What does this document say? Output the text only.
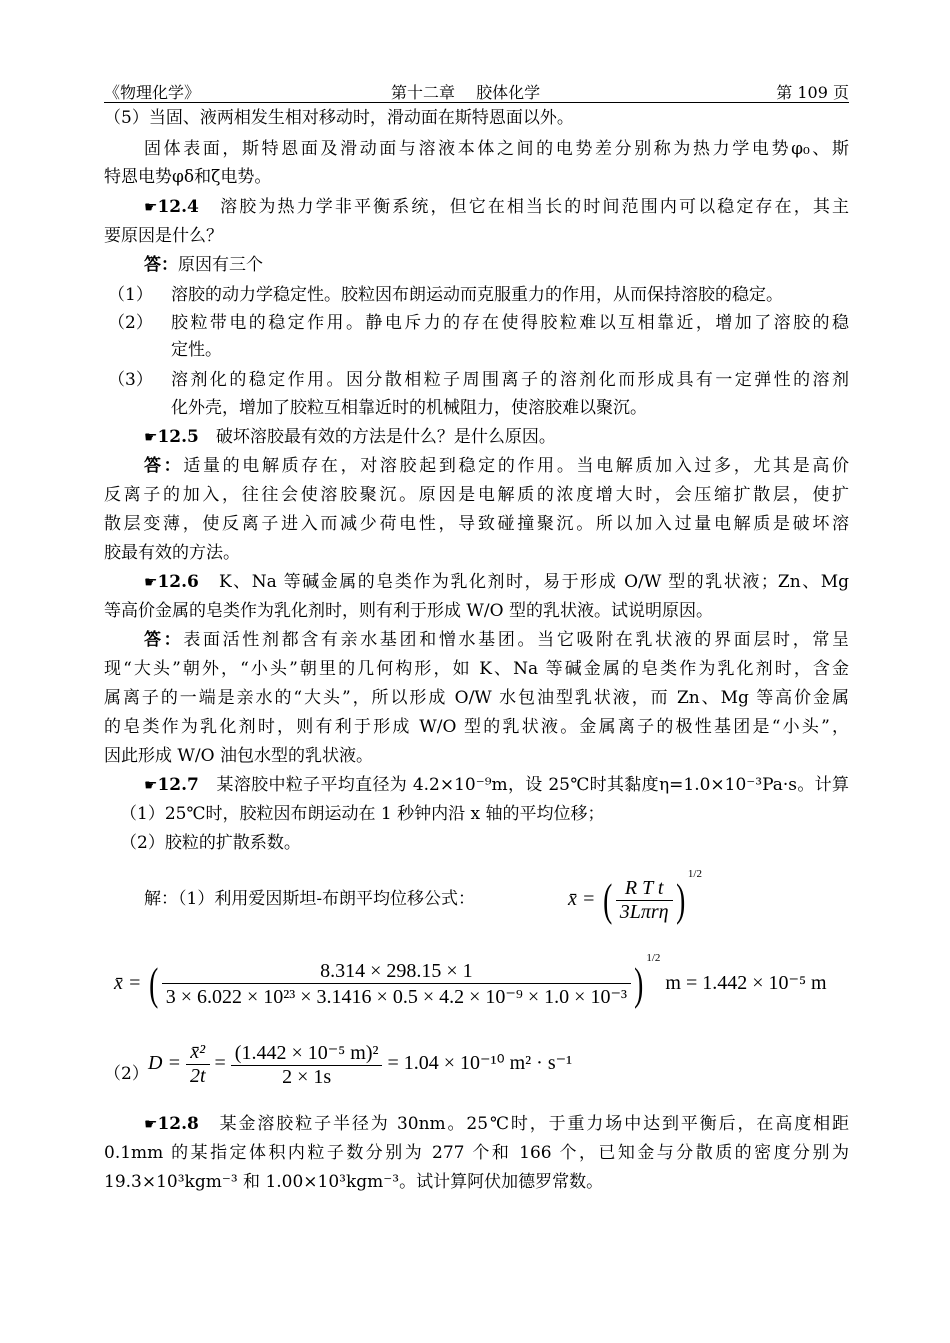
《物理化学》	第十二章　 胶体化学	第 109 页
（5）当固、液两相发生相对移动时，滑动面在斯特恩面以外。
固体表面，斯特恩面及滑动面与溶液本体之间的电势差分别称为热力学电势φ₀、斯
特恩电势φδ和ζ电势。
☛12.4　 溶胶为热力学非平衡系统，但它在相当长的时间范围内可以稳定存在，其主
要原因是什么？
答：原因有三个
（1） 溶胶的动力学稳定性。胶粒因布朗运动而克服重力的作用，从而保持溶胶的稳定。
（2） 胶粒带电的稳定作用。静电斥力的存在使得胶粒难以互相靠近，增加了溶胶的稳
定性。
（3） 溶剂化的稳定作用。因分散相粒子周围离子的溶剂化而形成具有一定弹性的溶剂
化外壳，增加了胶粒互相靠近时的机械阻力，使溶胶难以聚沉。
☛12.5　 破坏溶胶最有效的方法是什么？是什么原因。
答：适量的电解质存在，对溶胶起到稳定的作用。当电解质加入过多，尤其是高价
反离子的加入，往往会使溶胶聚沉。原因是电解质的浓度增大时，会压缩扩散层，使扩
散层变薄，使反离子进入而减少荷电性，导致碰撞聚沉。所以加入过量电解质是破坏溶
胶最有效的方法。
☛12.6　 K、Na 等碱金属的皂类作为乳化剂时，易于形成 O/W 型的乳状液；Zn、Mg
等高价金属的皂类作为乳化剂时，则有利于形成 W/O 型的乳状液。试说明原因。
答：表面活性剂都含有亲水基团和憎水基团。当它吸附在乳状液的界面层时，常呈
现“大头”朝外，“小头”朝里的几何构形，如 K、Na 等碱金属的皂类作为乳化剂时，含金
属离子的一端是亲水的“大头”，所以形成 O/W 水包油型乳状液，而 Zn、Mg 等高价金属
的皂类作为乳化剂时，则有利于形成 W/O 型的乳状液。金属离子的极性基团是“小头”，
因此形成 W/O 油包水型的乳状液。
☛12.7　 某溶胶中粒子平均直径为 4.2×10⁻⁹m，设 25℃时其黏度η=1.0×10⁻³Pa·s。计算
（1）25℃时，胶粒因布朗运动在 1 秒钟内沿 x 轴的平均位移；
（2）胶粒的扩散系数。
解：（1）利用爱因斯坦-布朗平均位移公式：	x̄ = ( $\frac{\text{R T t}}{\text{3Lπrη}} )^{1/2}$
x̄ = ( $\frac{8.314 \times 298.15 \times 1}{\text{3 × 6.022 × 10²³ × 3.1416 × 0.5 × 4.2 × 10⁻⁹ × 1.0 × 10⁻³}} )^{1/2}$ m = 1.442 × 10⁻⁵ m
（2） $D = \frac{\text{x̄²}}{2t} = \frac{\text{(1.442 × 10⁻⁵ m)²}}{2 \times 1s} = 1.04 \times 10^{-10}$ m² · s⁻¹
☛12.8　 某金溶胶粒子半径为 30nm。25℃时，于重力场中达到平衡后，在高度相距
0.1mm 的某指定体积内粒子数分别为 277 个和 166 个，已知金与分散质的密度分别为
19.3×10³kgm⁻³ 和 1.00×10³kgm⁻³。试计算阿伏加德罗常数。
